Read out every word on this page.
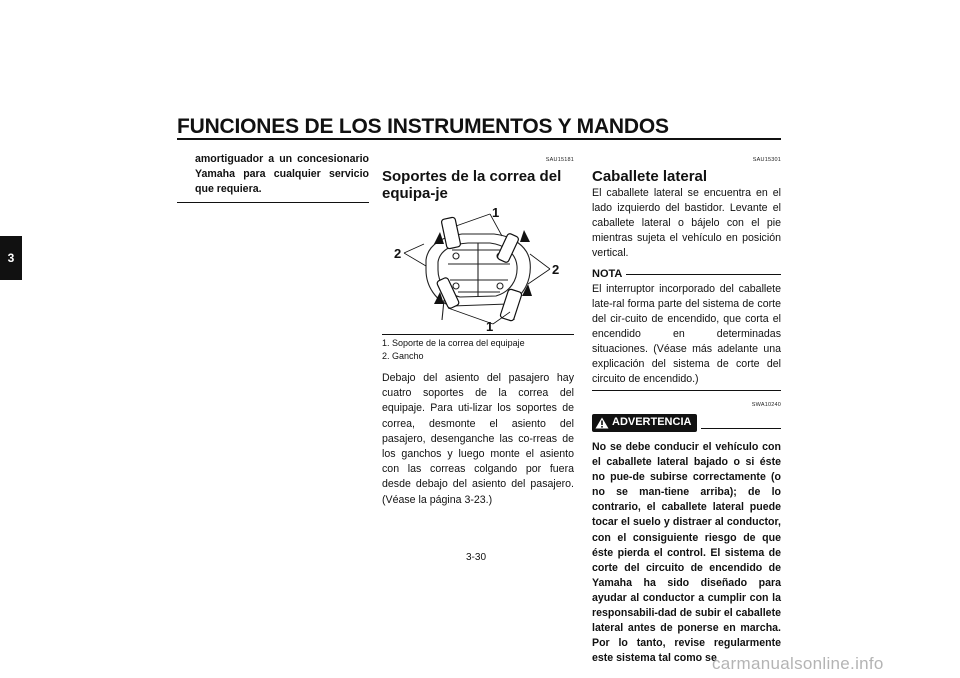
FUNCIONES DE LOS INSTRUMENTOS Y MANDOS
3
amortiguador a un concesionario Yamaha para cualquier servicio que requiera.
SAU15181
Soportes de la correa del equipa-je
1
2
2
1
1. Soporte de la correa del equipaje
2. Gancho
Debajo del asiento del pasajero hay cuatro soportes de la correa del equipaje. Para uti-lizar los soportes de correa, desmonte el asiento del pasajero, desenganche las co-rreas de los ganchos y luego monte el asiento con las correas colgando por fuera desde debajo del asiento del pasajero. (Véase la página 3-23.)
SAU15301
Caballete lateral
El caballete lateral se encuentra en el lado izquierdo del bastidor. Levante el caballete lateral o bájelo con el pie mientras sujeta el vehículo en posición vertical.
NOTA
El interruptor incorporado del caballete late-ral forma parte del sistema de corte del cir-cuito de encendido, que corta el encendido en determinadas situaciones. (Véase más adelante una explicación del sistema de corte del circuito de encendido.)
SWA10240
ADVERTENCIA
No se debe conducir el vehículo con el caballete lateral bajado o si éste no pue-de subirse correctamente (o no se man-tiene arriba); de lo contrario, el caballete lateral puede tocar el suelo y distraer al conductor, con el consiguiente riesgo de que éste pierda el control. El sistema de corte del circuito de encendido de Yamaha ha sido diseñado para ayudar al conductor a cumplir con la responsabili-dad de subir el caballete lateral antes de ponerse en marcha. Por lo tanto, revise regularmente este sistema tal como se
3-30
carmanualsonline.info
